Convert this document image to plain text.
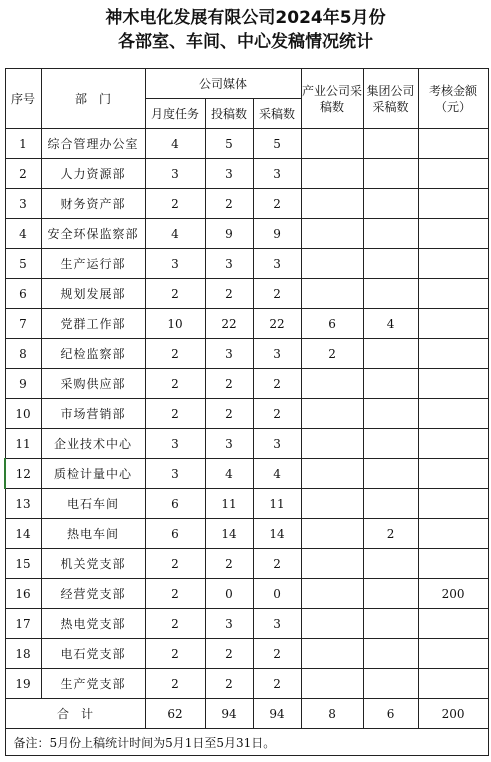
神木电化发展有限公司2024年5月份
各部室、车间、中心发稿情况统计
序号	部　门	公司媒体			产业公司采稿数	集团公司采稿数	考核金额（元）
		月度任务	投稿数	采稿数			
1	综合管理办公室	4	5	5			
2	人力资源部	3	3	3			
3	财务资产部	2	2	2			
4	安全环保监察部	4	9	9			
5	生产运行部	3	3	3			
6	规划发展部	2	2	2			
7	党群工作部	10	22	22	6	4	
8	纪检监察部	2	3	3	2		
9	采购供应部	2	2	2			
10	市场营销部	2	2	2			
11	企业技术中心	3	3	3			
12	质检计量中心	3	4	4			
13	电石车间	6	11	11			
14	热电车间	6	14	14		2	
15	机关党支部	2	2	2			
16	经营党支部	2	0	0			200
17	热电党支部	2	3	3			
18	电石党支部	2	2	2			
19	生产党支部	2	2	2			
合　计		62	94	94	8	6	200
备注：5月份上稿统计时间为5月1日至5月31日。							
